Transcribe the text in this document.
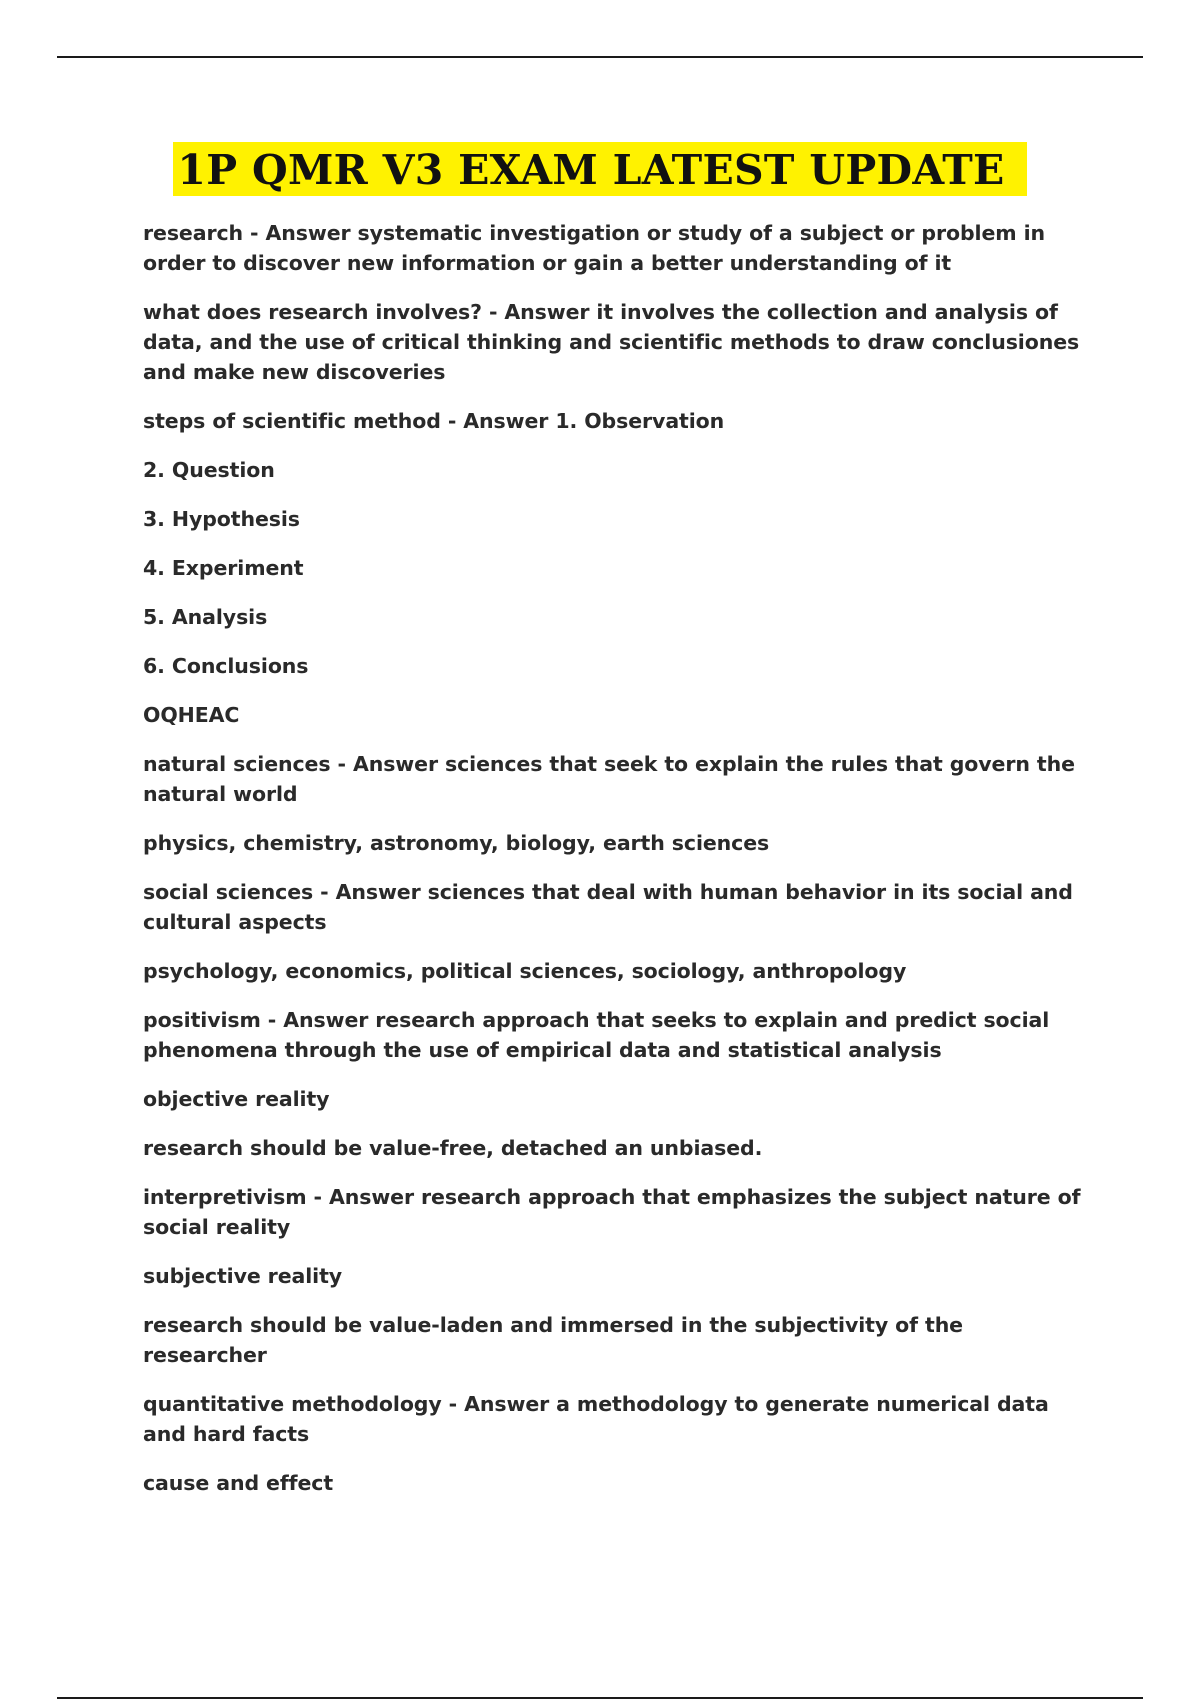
1P QMR V3 EXAM LATEST UPDATE

research - Answer systematic investigation or study of a subject or problem in order to discover new information or gain a better understanding of it

what does research involves? - Answer it involves the collection and analysis of data, and the use of critical thinking and scientific methods to draw conclusiones and make new discoveries

steps of scientific method - Answer 1. Observation

2. Question

3. Hypothesis

4. Experiment

5. Analysis

6. Conclusions

OQHEAC

natural sciences - Answer sciences that seek to explain the rules that govern the natural world

physics, chemistry, astronomy, biology, earth sciences

social sciences - Answer sciences that deal with human behavior in its social and cultural aspects

psychology, economics, political sciences, sociology, anthropology

positivism - Answer research approach that seeks to explain and predict social phenomena through the use of empirical data and statistical analysis

objective reality

research should be value-free, detached an unbiased.

interpretivism - Answer research approach that emphasizes the subject nature of social reality

subjective reality

research should be value-laden and immersed in the subjectivity of the researcher

quantitative methodology - Answer a methodology to generate numerical data and hard facts

cause and effect
